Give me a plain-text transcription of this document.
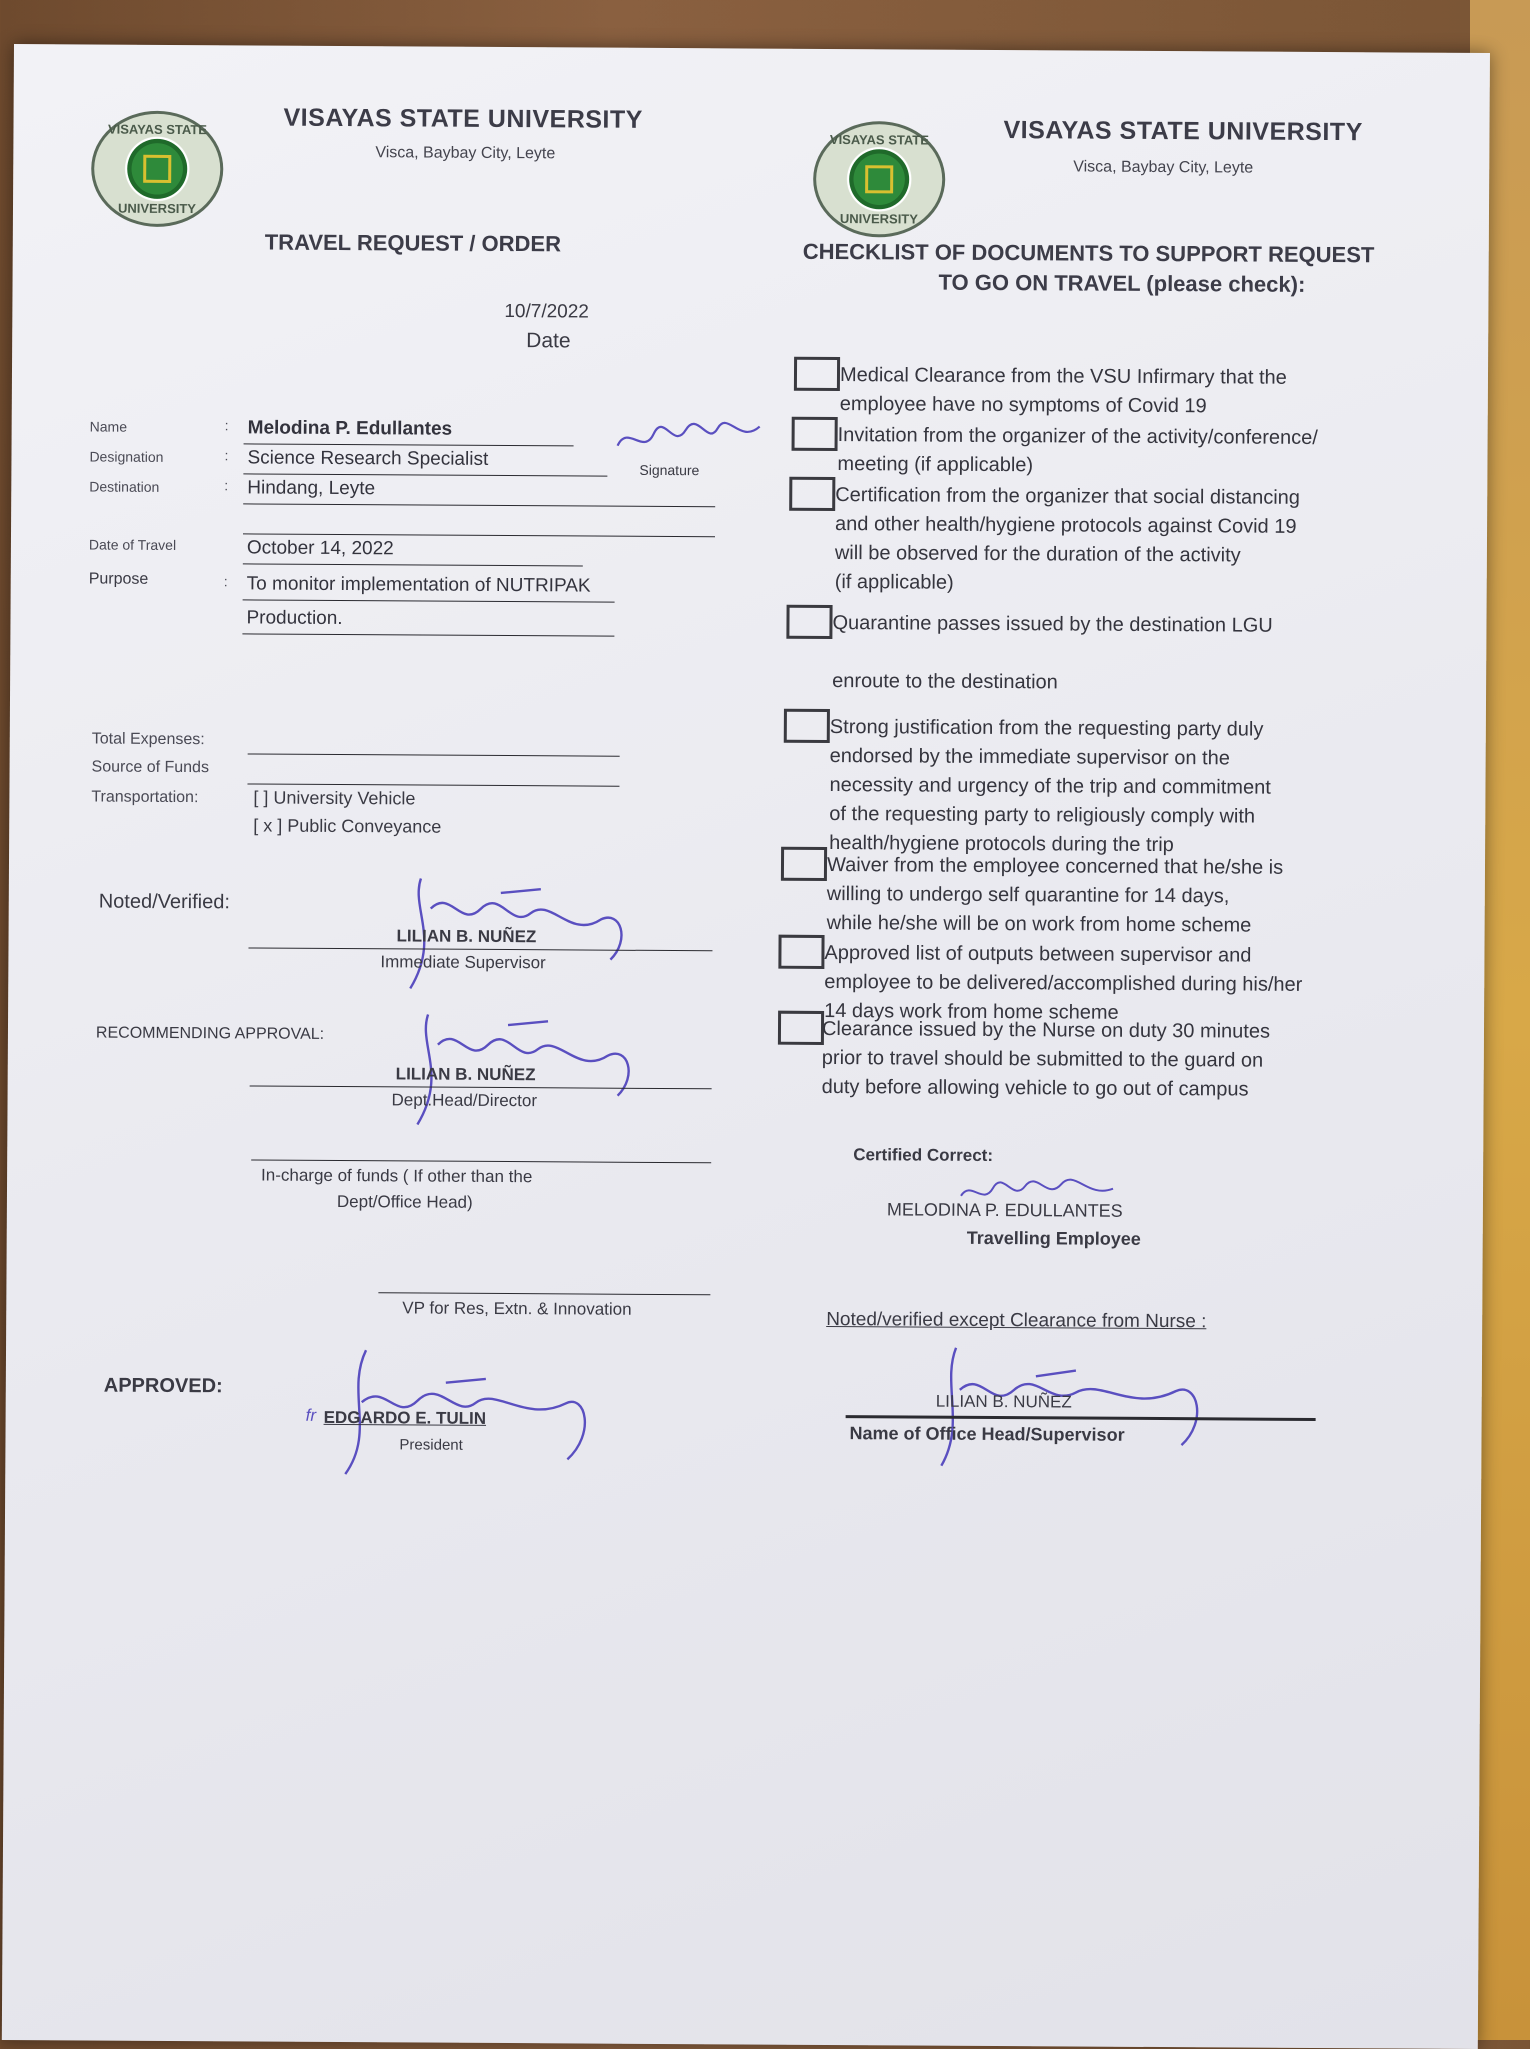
VISAYAS STATE
UNIVERSITY
VISAYAS STATE UNIVERSITY
Visca, Baybay City, Leyte
TRAVEL REQUEST / ORDER
10/7/2022
Date
Name	: Melodina P. Edullantes
Designation	: Science Research Specialist
Signature
Destination	: Hindang, Leyte
Date of Travel	October 14, 2022
Purpose	: To monitor implementation of NUTRIPAK
Production.
Total Expenses:
Source of Funds
Transportation:	[ ] University Vehicle
[ x ] Public Conveyance
Noted/Verified:
LILIAN B. NUÑEZ
Immediate Supervisor
RECOMMENDING APPROVAL:
LILIAN B. NUÑEZ
Dept.Head/Director
In-charge of funds ( If other than the
Dept/Office Head)
VP for Res, Extn. & Innovation
APPROVED:
fr EDGARDO E. TULIN
President
VISAYAS STATE
UNIVERSITY
VISAYAS STATE UNIVERSITY
Visca, Baybay City, Leyte
CHECKLIST OF DOCUMENTS TO SUPPORT REQUEST
TO GO ON TRAVEL (please check):
Medical Clearance from the VSU Infirmary that the
employee have no symptoms of Covid 19
Invitation from the organizer of the activity/conference/
meeting (if applicable)
Certification from the organizer that social distancing
and other health/hygiene protocols against Covid 19
will be observed for the duration of the activity
(if applicable)
Quarantine passes issued by the destination LGU
enroute to the destination
Strong justification from the requesting party duly
endorsed by the immediate supervisor on the
necessity and urgency of the trip and commitment
of the requesting party to religiously comply with
health/hygiene protocols during the trip
Waiver from the employee concerned that he/she is
willing to undergo self quarantine for 14 days,
while he/she will be on work from home scheme
Approved list of outputs between supervisor and
employee to be delivered/accomplished during his/her
14 days work from home scheme
Clearance issued by the Nurse on duty 30 minutes
prior to travel should be submitted to the guard on
duty before allowing vehicle to go out of campus
Certified Correct:
MELODINA P. EDULLANTES
Travelling Employee
Noted/verified except Clearance from Nurse :
LILIAN B. NUÑEZ
Name of Office Head/Supervisor
